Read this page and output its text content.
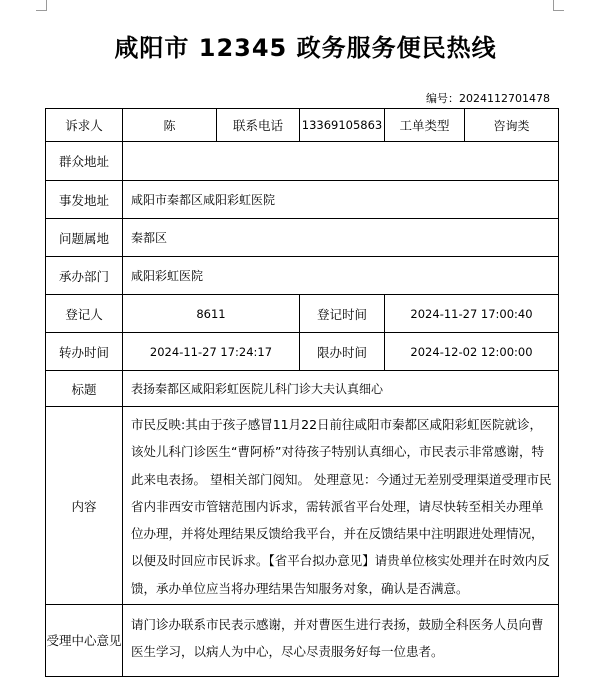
咸阳市 12345 政务服务便民热线
编号：2024112701478
诉求人	陈	联系电话	13369105863	工单类型	咨询类
群众地址					
事发地址	咸阳市秦都区咸阳彩虹医院				
问题属地	秦都区				
承办部门	咸阳彩虹医院				
登记人	8611		登记时间	2024-11-27 17:00:40	
转办时间	2024-11-27 17:24:17		限办时间	2024-12-02 12:00:00	
标题	表扬秦都区咸阳彩虹医院儿科门诊大夫认真细心				
内容	市民反映:其由于孩子感冒11月22日前往咸阳市秦都区咸阳彩虹医院就诊，该处儿科门诊医生“曹阿桥”对待孩子特别认真细心，市民表示非常感谢，特此来电表扬。 望相关部门阅知。 处理意见：今通过无差别受理渠道受理市民省内非西安市管辖范围内诉求，需转派省平台处理，请尽快转至相关办理单位办理，并将处理结果反馈给我平台，并在反馈结果中注明跟进处理情况，以便及时回应市民诉求。【省平台拟办意见】请贵单位核实处理并在时效内反馈，承办单位应当将办理结果告知服务对象，确认是否满意。				
受理中心意见	请门诊办联系市民表示感谢，并对曹医生进行表扬，鼓励全科医务人员向曹医生学习，以病人为中心，尽心尽责服务好每一位患者。				
